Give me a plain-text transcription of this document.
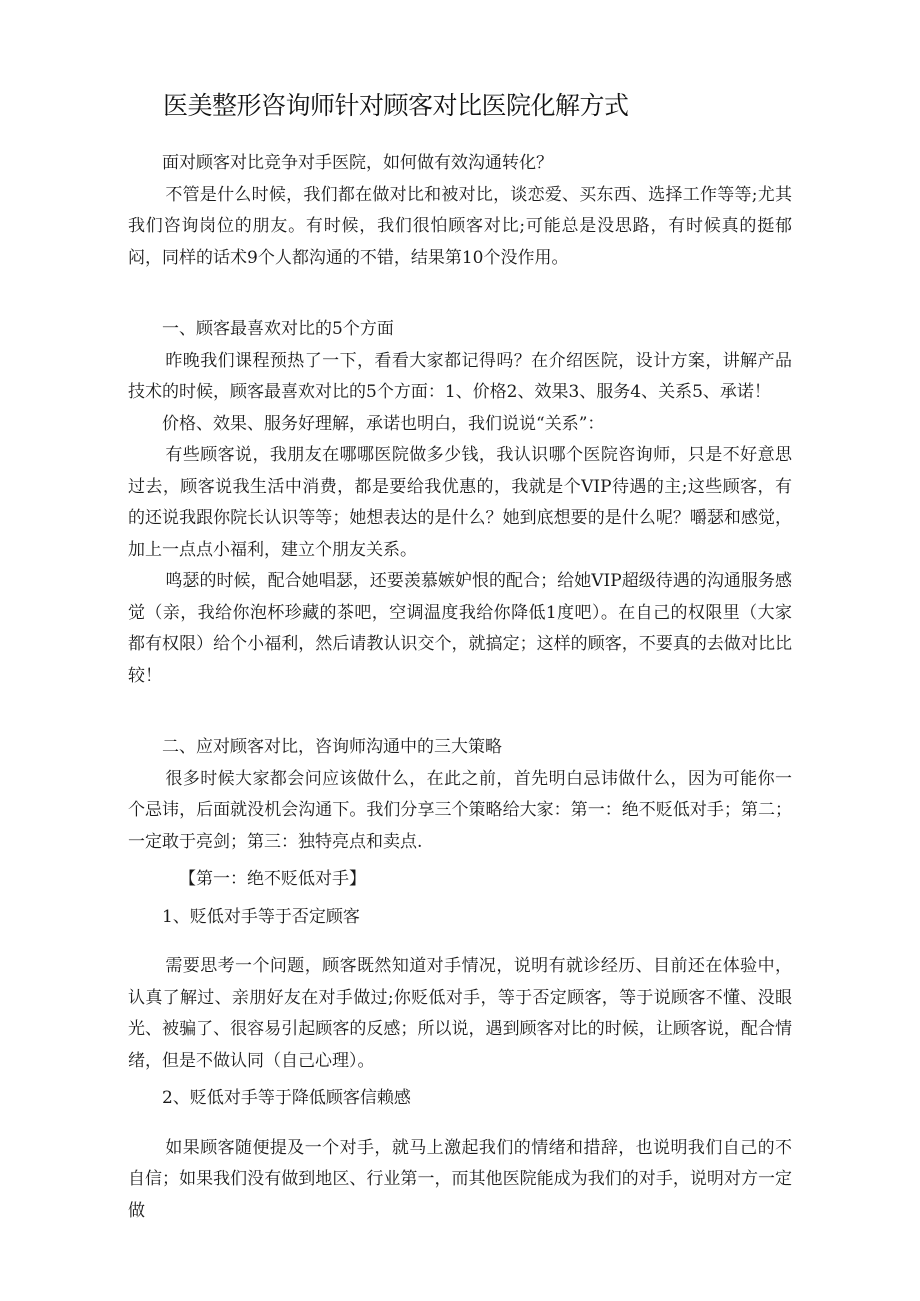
医美整形咨询师针对顾客对比医院化解方式

面对顾客对比竞争对手医院，如何做有效沟通转化？

不管是什么时候，我们都在做对比和被对比，谈恋爱、买东西、选择工作等等;尤其我们咨询岗位的朋友。有时候，我们很怕顾客对比;可能总是没思路，有时候真的挺郁闷，同样的话术9个人都沟通的不错，结果第10个没作用。

一、顾客最喜欢对比的5个方面

昨晚我们课程预热了一下，看看大家都记得吗？在介绍医院，设计方案，讲解产品技术的时候，顾客最喜欢对比的5个方面：1、价格2、效果3、服务4、关系5、承诺！

价格、效果、服务好理解，承诺也明白，我们说说“关系”：

有些顾客说，我朋友在哪哪医院做多少钱，我认识哪个医院咨询师，只是不好意思过去，顾客说我生活中消费，都是要给我优惠的，我就是个VIP待遇的主;这些顾客，有的还说我跟你院长认识等等；她想表达的是什么？她到底想要的是什么呢？嚼瑟和感觉，加上一点点小福利，建立个朋友关系。

鸣瑟的时候，配合她唱瑟，还要羡慕嫉妒恨的配合；给她VIP超级待遇的沟通服务感觉（亲，我给你泡杯珍藏的茶吧，空调温度我给你降低1度吧）。在自己的权限里（大家都有权限）给个小福利，然后请教认识交个，就搞定；这样的顾客，不要真的去做对比比较！

二、应对顾客对比，咨询师沟通中的三大策略

很多时候大家都会问应该做什么，在此之前，首先明白忌讳做什么，因为可能你一个忌讳，后面就没机会沟通下。我们分享三个策略给大家：第一：绝不贬低对手；第二；一定敢于亮剑；第三：独特亮点和卖点.

【第一：绝不贬低对手】

1、贬低对手等于否定顾客

需要思考一个问题，顾客既然知道对手情况，说明有就诊经历、目前还在体验中，认真了解过、亲朋好友在对手做过;你贬低对手，等于否定顾客，等于说顾客不懂、没眼光、被骗了、很容易引起顾客的反感；所以说，遇到顾客对比的时候，让顾客说，配合情绪，但是不做认同（自己心理）。

2、贬低对手等于降低顾客信赖感

如果顾客随便提及一个对手，就马上激起我们的情绪和措辞，也说明我们自己的不自信；如果我们没有做到地区、行业第一，而其他医院能成为我们的对手，说明对方一定做
